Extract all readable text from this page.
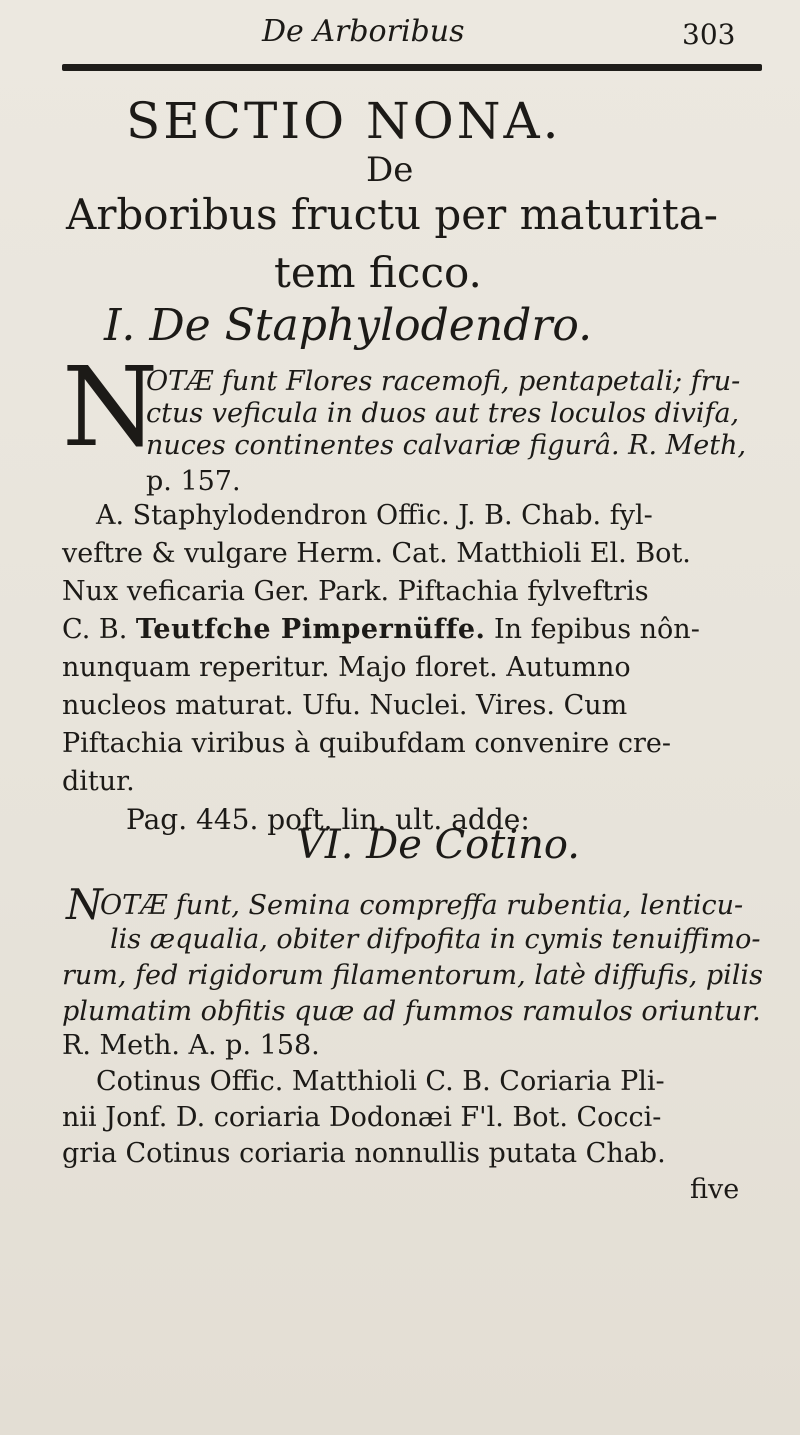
De Arboribus	303
SECTIO NONA.
De
Arboribus fructu per maturita-
tem ficco.
I. De Staphylodendro.
N
OTÆ funt Flores racemofi, pentapetali; fru-
ctus veficula in duos aut tres loculos divifa,
nuces continentes calvariæ figurâ. R. Meth,
p. 157.
A. Staphylodendron Offic. J. B. Chab. fyl-
veftre & vulgare Herm. Cat. Matthioli El. Bot.
Nux veficaria Ger. Park. Piftachia fylveftris
C. B. Teutfche Pimpernüffe. In fepibus nôn-
nunquam reperitur. Majo floret. Autumno
nucleos maturat. Ufu. Nuclei. Vires. Cum
Piftachia viribus à quibufdam convenire cre-
ditur.
Pag. 445. poft. lin. ult. adde:
VI. De Cotino.
N
OTÆ funt, Semina compreffa rubentia, lenticu-
lis æqualia, obiter difpofita in cymis tenuiffimo-
rum, fed rigidorum filamentorum, latè diffufis, pilis
plumatim obfitis quæ ad fummos ramulos oriuntur.
R. Meth. A. p. 158.
Cotinus Offic. Matthioli C. B. Coriaria Pli-
nii Jonf. D. coriaria Dodonæi F'l. Bot. Cocci-
gria Cotinus coriaria nonnullis putata Chab.
five
